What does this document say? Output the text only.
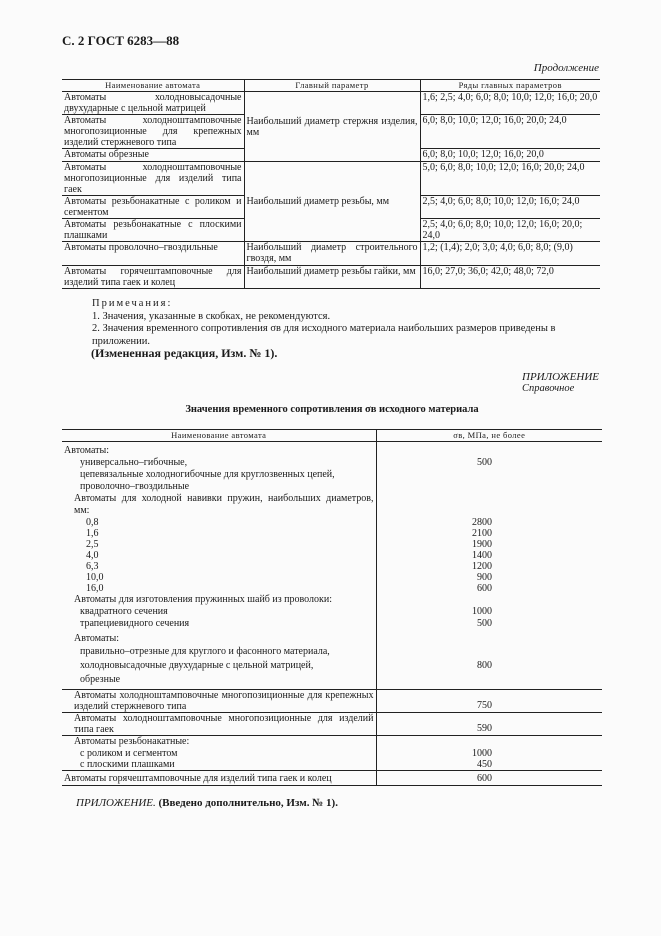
С. 2 ГОСТ 6283—88
Продолжение
Наименование автомата	Главный параметр	Ряды главных параметров
Автоматы холодновысадочные двухударные с цельной матрицей	Наибольший диаметр стержня изделия, мм	1,6; 2,5; 4,0; 6,0; 8,0; 10,0; 12,0; 16,0; 20,0
Автоматы холодноштамповочные многопозиционные для крепежных изделий стержневого типа		6,0; 8,0; 10,0; 12,0; 16,0; 20,0; 24,0
Автоматы обрезные		6,0; 8,0; 10,0; 12,0; 16,0; 20,0
Автоматы холодноштамповочные многопозиционные для изделий типа гаек	Наибольший диаметр резьбы, мм	5,0; 6,0; 8,0; 10,0; 12,0; 16,0; 20,0; 24,0
Автоматы резьбонакатные с роликом и сегментом		2,5; 4,0; 6,0; 8,0; 10,0; 12,0; 16,0; 24,0
Автоматы резьбонакатные с плоскими плашками		2,5; 4,0; 6,0; 8,0; 10,0; 12,0; 16,0; 20,0; 24,0
Автоматы проволочно–гвоздильные	Наибольший диаметр строительного гвоздя, мм	1,2; (1,4); 2,0; 3,0; 4,0; 6,0; 8,0; (9,0)
Автоматы горячештамповочные для изделий типа гаек и колец	Наибольший диаметр резьбы гайки, мм	16,0; 27,0; 36,0; 42,0; 48,0; 72,0
Примечания:
1. Значения, указанные в скобках, не рекомендуются.
2. Значения временного сопротивления σв для исходного материала наибольших размеров приведены в приложении.
(Измененная редакция, Изм. № 1).
ПРИЛОЖЕНИЕ
Справочное
Значения временного сопротивления σв исходного материала
Наименование автомата	σв, МПа, не более
Автоматы:	
универсально–гибочные,	500
цепевязальные холодногибочные для круглозвенных цепей,	
проволочно–гвоздильные	
Автоматы для холодной навивки пружин, наибольших диаметров, мм:	
0,8	2800
1,6	2100
2,5	1900
4,0	1400
6,3	1200
10,0	900
16,0	600
Автоматы для изготовления пружинных шайб из проволоки:	
квадратного сечения	1000
трапециевидного сечения	500
Автоматы:	
правильно–отрезные для круглого и фасонного материала,	
холодновысадочные двухударные с цельной матрицей,	800
обрезные	
Автоматы холодноштамповочные многопозиционные для крепежных изделий стержневого типа	750
Автоматы холодноштамповочные многопозиционные для изделий типа гаек	590
Автоматы резьбонакатные:	
с роликом и сегментом	1000
с плоскими плашками	450
Автоматы горячештамповочные для изделий типа гаек и колец	600
ПРИЛОЖЕНИЕ. (Введено дополнительно, Изм. № 1).
